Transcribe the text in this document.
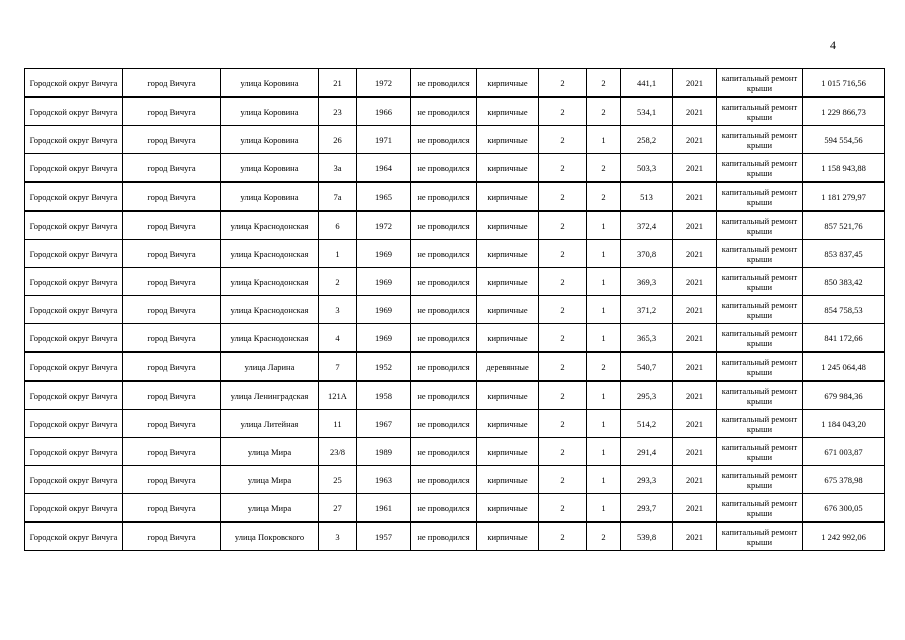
4
Городской округ Вичуга	город Вичуга	улица Коровина	21	1972	не проводился	кирпичные	2	2	441,1	2021	капитальный ремонт крыши	1 015 716,56
Городской округ Вичуга	город Вичуга	улица Коровина	23	1966	не проводился	кирпичные	2	2	534,1	2021	капитальный ремонт крыши	1 229 866,73
Городской округ Вичуга	город Вичуга	улица Коровина	26	1971	не проводился	кирпичные	2	1	258,2	2021	капитальный ремонт крыши	594 554,56
Городской округ Вичуга	город Вичуга	улица Коровина	3а	1964	не проводился	кирпичные	2	2	503,3	2021	капитальный ремонт крыши	1 158 943,88
Городской округ Вичуга	город Вичуга	улица Коровина	7а	1965	не проводился	кирпичные	2	2	513	2021	капитальный ремонт крыши	1 181 279,97
Городской округ Вичуга	город Вичуга	улица Краснодонская	6	1972	не проводился	кирпичные	2	1	372,4	2021	капитальный ремонт крыши	857 521,76
Городской округ Вичуга	город Вичуга	улица Краснодонская	1	1969	не проводился	кирпичные	2	1	370,8	2021	капитальный ремонт крыши	853 837,45
Городской округ Вичуга	город Вичуга	улица Краснодонская	2	1969	не проводился	кирпичные	2	1	369,3	2021	капитальный ремонт крыши	850 383,42
Городской округ Вичуга	город Вичуга	улица Краснодонская	3	1969	не проводился	кирпичные	2	1	371,2	2021	капитальный ремонт крыши	854 758,53
Городской округ Вичуга	город Вичуга	улица Краснодонская	4	1969	не проводился	кирпичные	2	1	365,3	2021	капитальный ремонт крыши	841 172,66
Городской округ Вичуга	город Вичуга	улица Ларина	7	1952	не проводился	деревянные	2	2	540,7	2021	капитальный ремонт крыши	1 245 064,48
Городской округ Вичуга	город Вичуга	улица Ленинградская	121А	1958	не проводился	кирпичные	2	1	295,3	2021	капитальный ремонт крыши	679 984,36
Городской округ Вичуга	город Вичуга	улица Литейная	11	1967	не проводился	кирпичные	2	1	514,2	2021	капитальный ремонт крыши	1 184 043,20
Городской округ Вичуга	город Вичуга	улица Мира	23/8	1989	не проводился	кирпичные	2	1	291,4	2021	капитальный ремонт крыши	671 003,87
Городской округ Вичуга	город Вичуга	улица Мира	25	1963	не проводился	кирпичные	2	1	293,3	2021	капитальный ремонт крыши	675 378,98
Городской округ Вичуга	город Вичуга	улица Мира	27	1961	не проводился	кирпичные	2	1	293,7	2021	капитальный ремонт крыши	676 300,05
Городской округ Вичуга	город Вичуга	улица Покровского	3	1957	не проводился	кирпичные	2	2	539,8	2021	капитальный ремонт крыши	1 242 992,06
